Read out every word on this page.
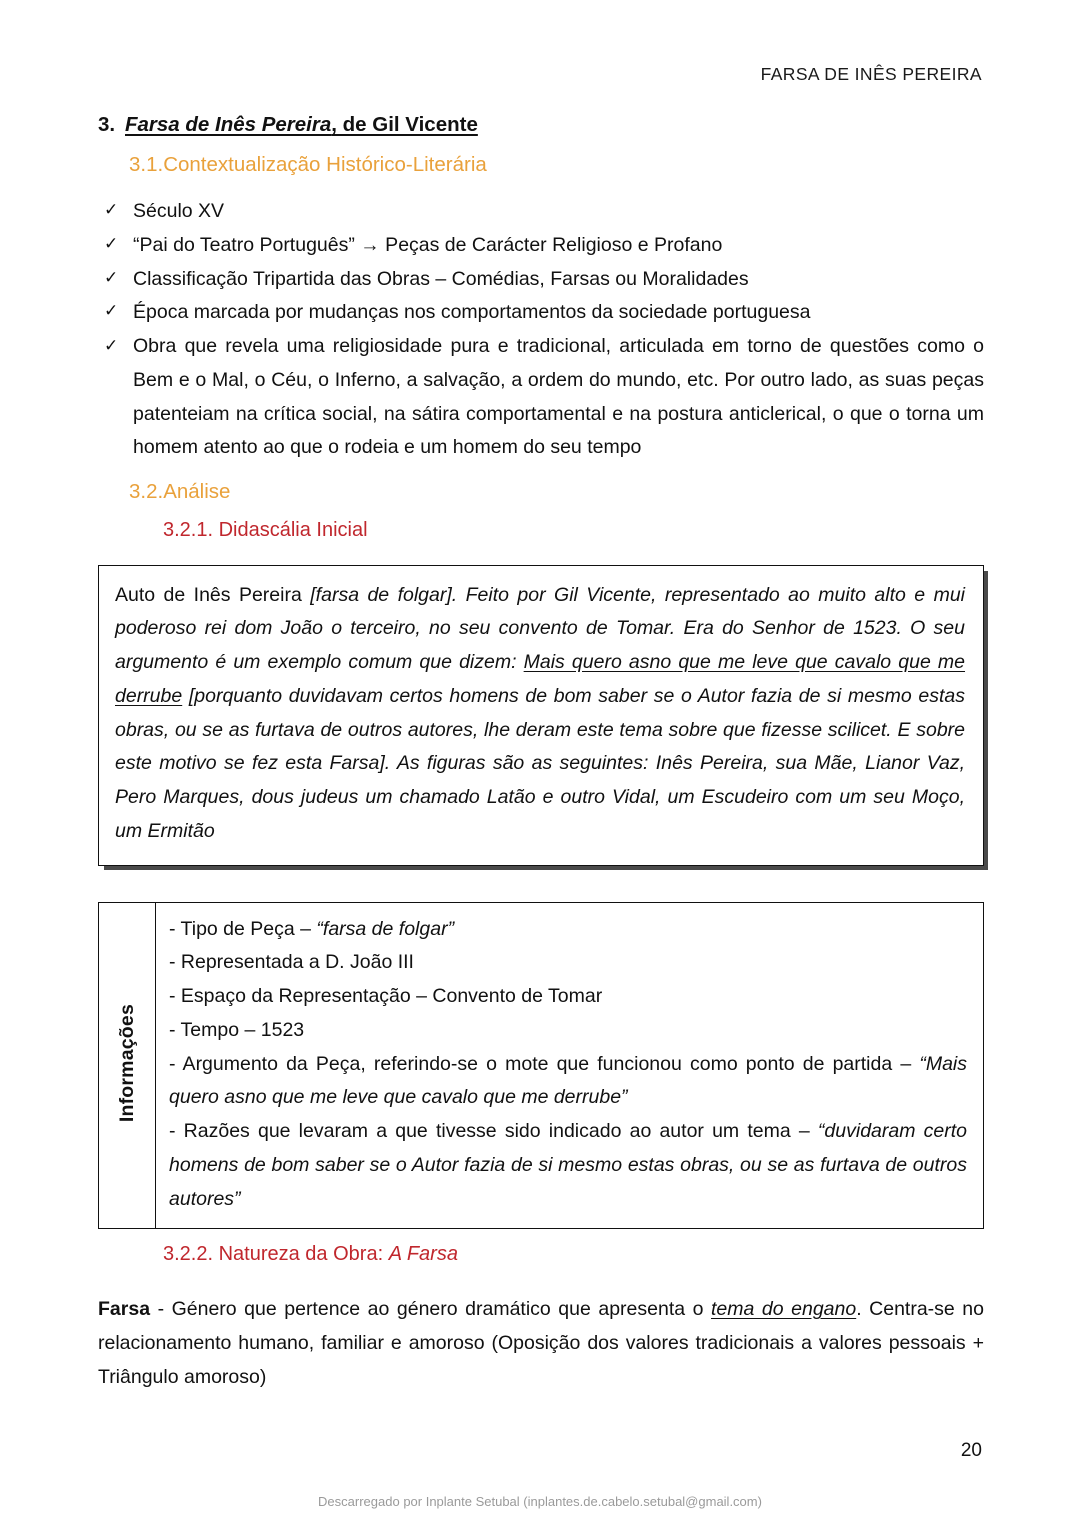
FARSA DE INÊS PEREIRA
3. Farsa de Inês Pereira, de Gil Vicente
3.1.Contextualização Histórico-Literária
✓ Século XV
✓ “Pai do Teatro Português” → Peças de Carácter Religioso e Profano
✓ Classificação Tripartida das Obras – Comédias, Farsas ou Moralidades
✓ Época marcada por mudanças nos comportamentos da sociedade portuguesa
✓ Obra que revela uma religiosidade pura e tradicional, articulada em torno de questões como o Bem e o Mal, o Céu, o Inferno, a salvação, a ordem do mundo, etc. Por outro lado, as suas peças patenteiam na crítica social, na sátira comportamental e na postura anticlerical, o que o torna um homem atento ao que o rodeia e um homem do seu tempo
3.2.Análise
3.2.1. Didascália Inicial
Auto de Inês Pereira [farsa de folgar]. Feito por Gil Vicente, representado ao muito alto e mui poderoso rei dom João o terceiro, no seu convento de Tomar. Era do Senhor de 1523. O seu argumento é um exemplo comum que dizem: Mais quero asno que me leve que cavalo que me derrube [porquanto duvidavam certos homens de bom saber se o Autor fazia de si mesmo estas obras, ou se as furtava de outros autores, lhe deram este tema sobre que fizesse scilicet. E sobre este motivo se fez esta Farsa]. As figuras são as seguintes: Inês Pereira, sua Mãe, Lianor Vaz, Pero Marques, dous judeus um chamado Latão e outro Vidal, um Escudeiro com um seu Moço, um Ermitão
Informações	

- Tipo de Peça – “farsa de folgar”

- Representada a D. João III

- Espaço da Representação – Convento de Tomar

- Tempo – 1523

- Argumento da Peça, referindo-se o mote que funcionou como ponto de partida – “Mais quero asno que me leve que cavalo que me derrube”

- Razões que levaram a que tivesse sido indicado ao autor um tema – “duvidaram certo homens de bom saber se o Autor fazia de si mesmo estas obras, ou se as furtava de outros autores”

3.2.2. Natureza da Obra: A Farsa

Farsa - Género que pertence ao género dramático que apresenta o tema do engano. Centra-se no relacionamento humano, familiar e amoroso (Oposição dos valores tradicionais a valores pessoais + Triângulo amoroso)

20
Descarregado por Inplante Setubal (inplantes.de.cabelo.setubal@gmail.com)
